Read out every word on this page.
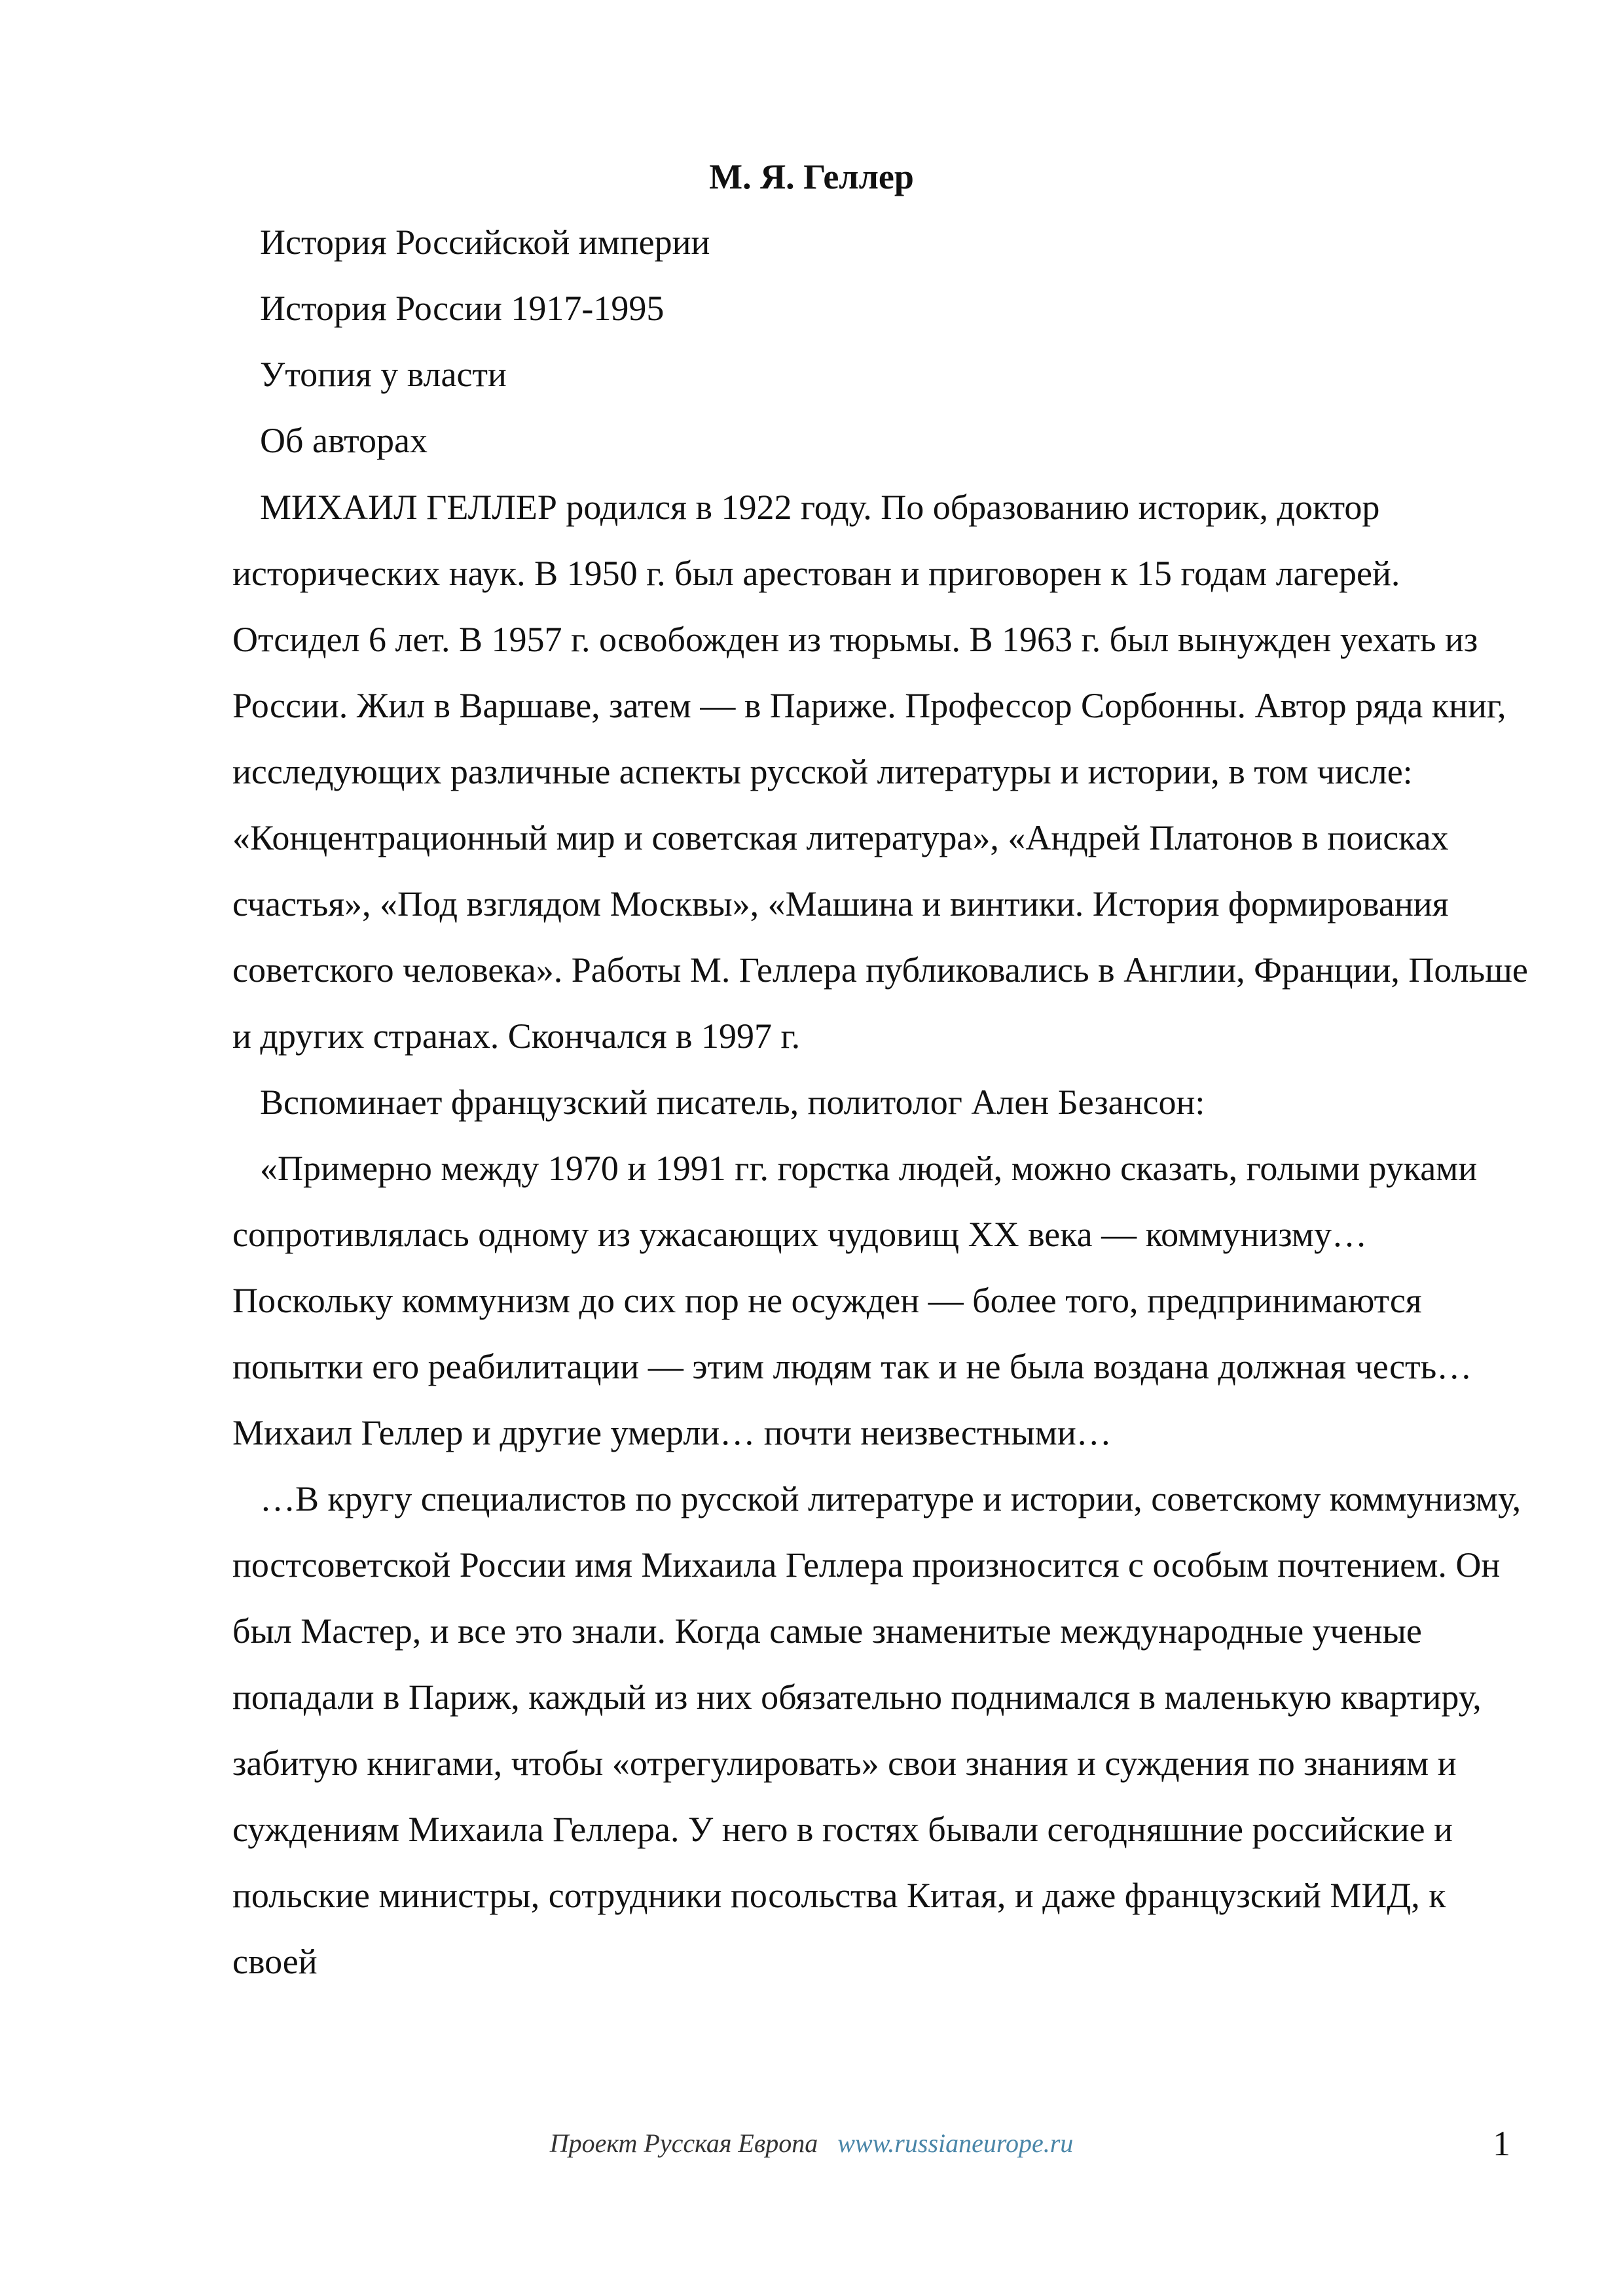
М. Я. Геллер
История Российской империи
История России 1917-1995
Утопия у власти
Об авторах

МИХАИЛ ГЕЛЛЕР родился в 1922 году. По образованию историк, доктор исторических наук. В 1950 г. был арестован и приговорен к 15 годам лагерей. Отсидел 6 лет. В 1957 г. освобожден из тюрьмы. В 1963 г. был вынужден уехать из России. Жил в Варшаве, затем — в Париже. Профессор Сорбонны. Автор ряда книг, исследующих различные аспекты русской литературы и истории, в том числе: «Концентрационный мир и советская литература», «Андрей Платонов в поисках счастья», «Под взглядом Москвы», «Машина и винтики. История формирования советского человека». Работы М. Геллера публиковались в Англии, Франции, Польше и других странах. Скончался в 1997 г.

Вспоминает французский писатель, политолог Ален Безансон:

«Примерно между 1970 и 1991 гг. горстка людей, можно сказать, голыми руками сопротивлялась одному из ужасающих чудовищ XX века — коммунизму… Поскольку коммунизм до сих пор не осужден — более того, предпринимаются попытки его реабилитации — этим людям так и не была воздана должная честь… Михаил Геллер и другие умерли… почти неизвестными…

…В кругу специалистов по русской литературе и истории, советскому коммунизму, постсоветской России имя Михаила Геллера произносится с особым почтением. Он был Мастер, и все это знали. Когда самые знаменитые международные ученые попадали в Париж, каждый из них обязательно поднимался в маленькую квартиру, забитую книгами, чтобы «отрегулировать» свои знания и суждения по знаниям и суждениям Михаила Геллера. У него в гостях бывали сегодняшние российские и польские министры, сотрудники посольства Китая, и даже французский МИД, к своей

Проект Русская Европа www.russianeurope.ru	1
